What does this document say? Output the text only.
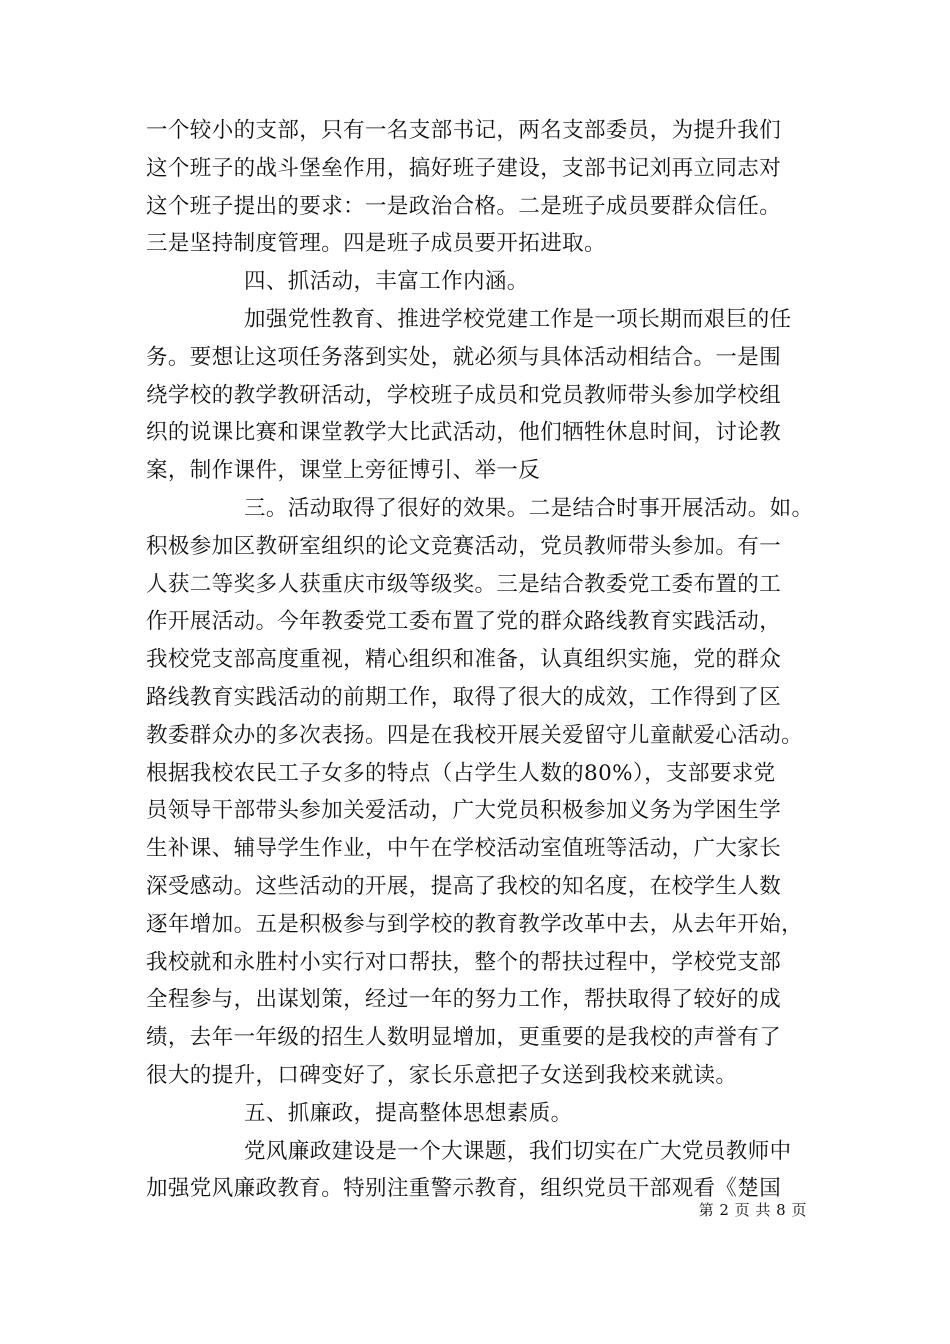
一个较小的支部，只有一名支部书记，两名支部委员，为提升我们
这个班子的战斗堡垒作用，搞好班子建设，支部书记刘再立同志对
这个班子提出的要求：一是政治合格。二是班子成员要群众信任。
三是坚持制度管理。四是班子成员要开拓进取。
四、抓活动，丰富工作内涵。
加强党性教育、推进学校党建工作是一项长期而艰巨的任
务。要想让这项任务落到实处，就必须与具体活动相结合。一是围
绕学校的教学教研活动，学校班子成员和党员教师带头参加学校组
织的说课比赛和课堂教学大比武活动，他们牺牲休息时间，讨论教
案，制作课件，课堂上旁征博引、举一反
三。活动取得了很好的效果。二是结合时事开展活动。如。
积极参加区教研室组织的论文竞赛活动，党员教师带头参加。有一
人获二等奖多人获重庆市级等级奖。三是结合教委党工委布置的工
作开展活动。今年教委党工委布置了党的群众路线教育实践活动，
我校党支部高度重视，精心组织和准备，认真组织实施，党的群众
路线教育实践活动的前期工作，取得了很大的成效，工作得到了区
教委群众办的多次表扬。四是在我校开展关爱留守儿童献爱心活动。
根据我校农民工子女多的特点（占学生人数的80%），支部要求党
员领导干部带头参加关爱活动，广大党员积极参加义务为学困生学
生补课、辅导学生作业，中午在学校活动室值班等活动，广大家长
深受感动。这些活动的开展，提高了我校的知名度，在校学生人数
逐年增加。五是积极参与到学校的教育教学改革中去，从去年开始，
我校就和永胜村小实行对口帮扶，整个的帮扶过程中，学校党支部
全程参与，出谋划策，经过一年的努力工作，帮扶取得了较好的成
绩，去年一年级的招生人数明显增加，更重要的是我校的声誉有了
很大的提升，口碑变好了，家长乐意把子女送到我校来就读。
五、抓廉政，提高整体思想素质。
党风廉政建设是一个大课题，我们切实在广大党员教师中
加强党风廉政教育。特别注重警示教育，组织党员干部观看《楚国
第 2 页 共 8 页
